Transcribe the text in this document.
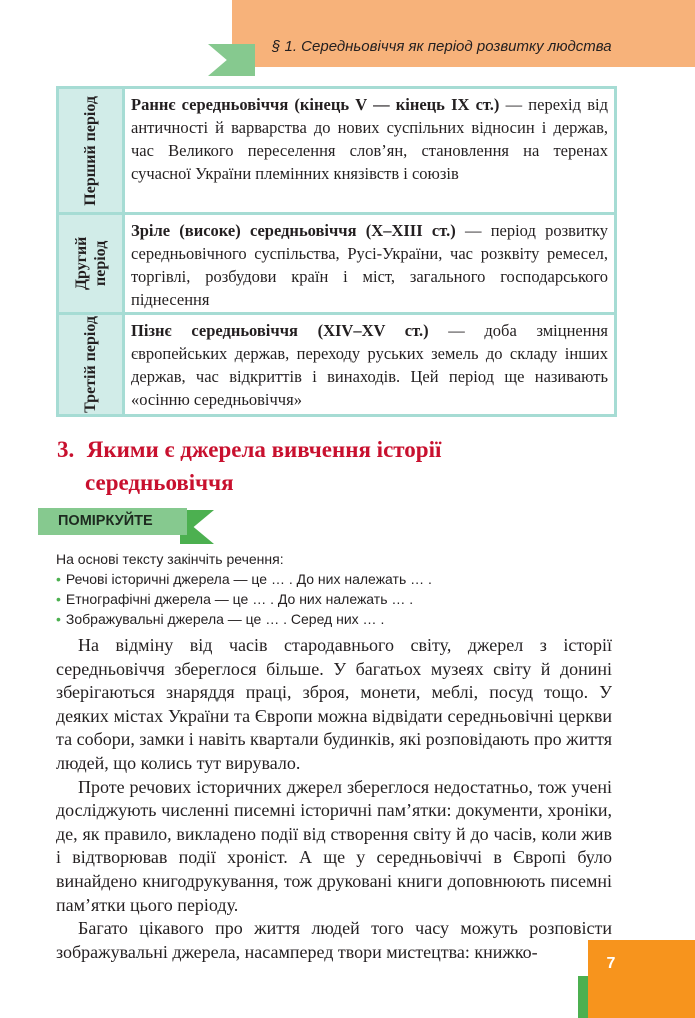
§ 1. Середньовіччя як період розвитку людства
Перший період	Раннє середньовіччя (кінець V — кінець IX ст.) — перехід від античності й варварства до нових суспільних відносин і держав, час Великого переселення слов’ян, становлення на теренах сучасної України племінних князівств і союзів
Другий період
Зріле (високе) середньовіччя (X–XIII ст.) — період розвитку середньовічного суспільства, Русі-України, час розквіту ремесел, торгівлі, розбудови країн і міст, загального господарського піднесення
Третій період	Пізнє середньовіччя (XIV–XV ст.) — доба зміцнення європейських держав, переходу руських земель до складу інших держав, час відкриттів і винаходів. Цей період ще називають «осінню середньовіччя»
3. Якими є джерела вивчення історії
середньовіччя
ПОМІРКУЙТЕ
На основі тексту закінчіть речення:
• Речові історичні джерела — це … . До них належать … .
• Етнографічні джерела — це … . До них належать … .
• Зображувальні джерела — це … . Серед них … .

На відміну від часів стародавнього світу, джерел з історії середньовіччя збереглося більше. У багатьох музеях світу й донині зберігаються знаряддя праці, зброя, монети, меблі, посуд тощо. У деяких містах України та Європи можна відвідати середньовічні церкви та собори, замки і навіть квартали будинків, які розповідають про життя людей, що колись тут вирувало.

Проте речових історичних джерел збереглося недостатньо, тож учені досліджують численні писемні історичні пам’ятки: документи, хроніки, де, як правило, викладено події від створення світу й до часів, коли жив і відтворював події хроніст. А ще у середньовіччі в Європі було винайдено книгодрукування, тож друковані книги доповнюють писемні пам’ятки цього періоду.

Багато цікавого про життя людей того часу можуть розповісти зображувальні джерела, насамперед твори мистецтва: книжко-

7
